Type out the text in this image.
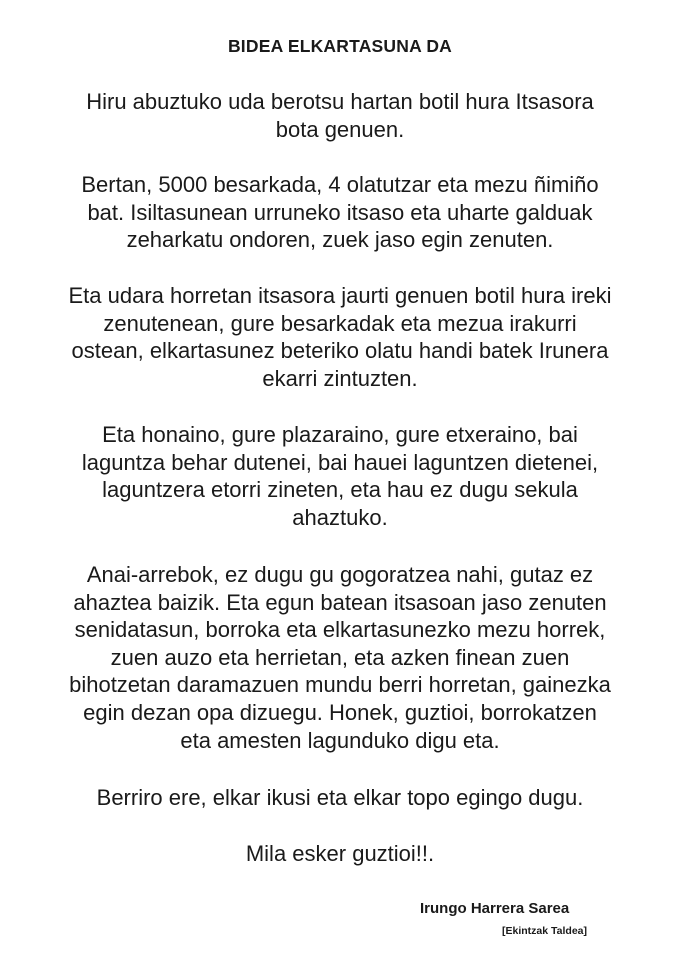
BIDEA ELKARTASUNA DA
Hiru abuztuko uda berotsu hartan botil hura Itsasora
bota genuen.
Bertan, 5000 besarkada, 4 olatutzar eta mezu ñimiño
bat. Isiltasunean urruneko itsaso eta uharte galduak
zeharkatu ondoren, zuek jaso egin zenuten.
Eta udara horretan itsasora jaurti genuen botil hura ireki
zenutenean, gure besarkadak eta mezua irakurri
ostean, elkartasunez beteriko olatu handi batek Irunera
ekarri zintuzten.
Eta honaino, gure plazaraino, gure etxeraino, bai
laguntza behar dutenei, bai hauei laguntzen dietenei,
laguntzera etorri zineten, eta hau ez dugu sekula
ahaztuko.
Anai-arrebok, ez dugu gu gogoratzea nahi, gutaz ez
ahaztea baizik. Eta egun batean itsasoan jaso zenuten
senidatasun, borroka eta elkartasunezko mezu horrek,
zuen auzo eta herrietan, eta azken finean zuen
bihotzetan daramazuen mundu berri horretan, gainezka
egin dezan opa dizuegu. Honek, guztioi, borrokatzen
eta amesten lagunduko digu eta.
Berriro ere, elkar ikusi eta elkar topo egingo dugu.
Mila esker guztioi!!.
Irungo Harrera Sarea
[Ekintzak Taldea]
